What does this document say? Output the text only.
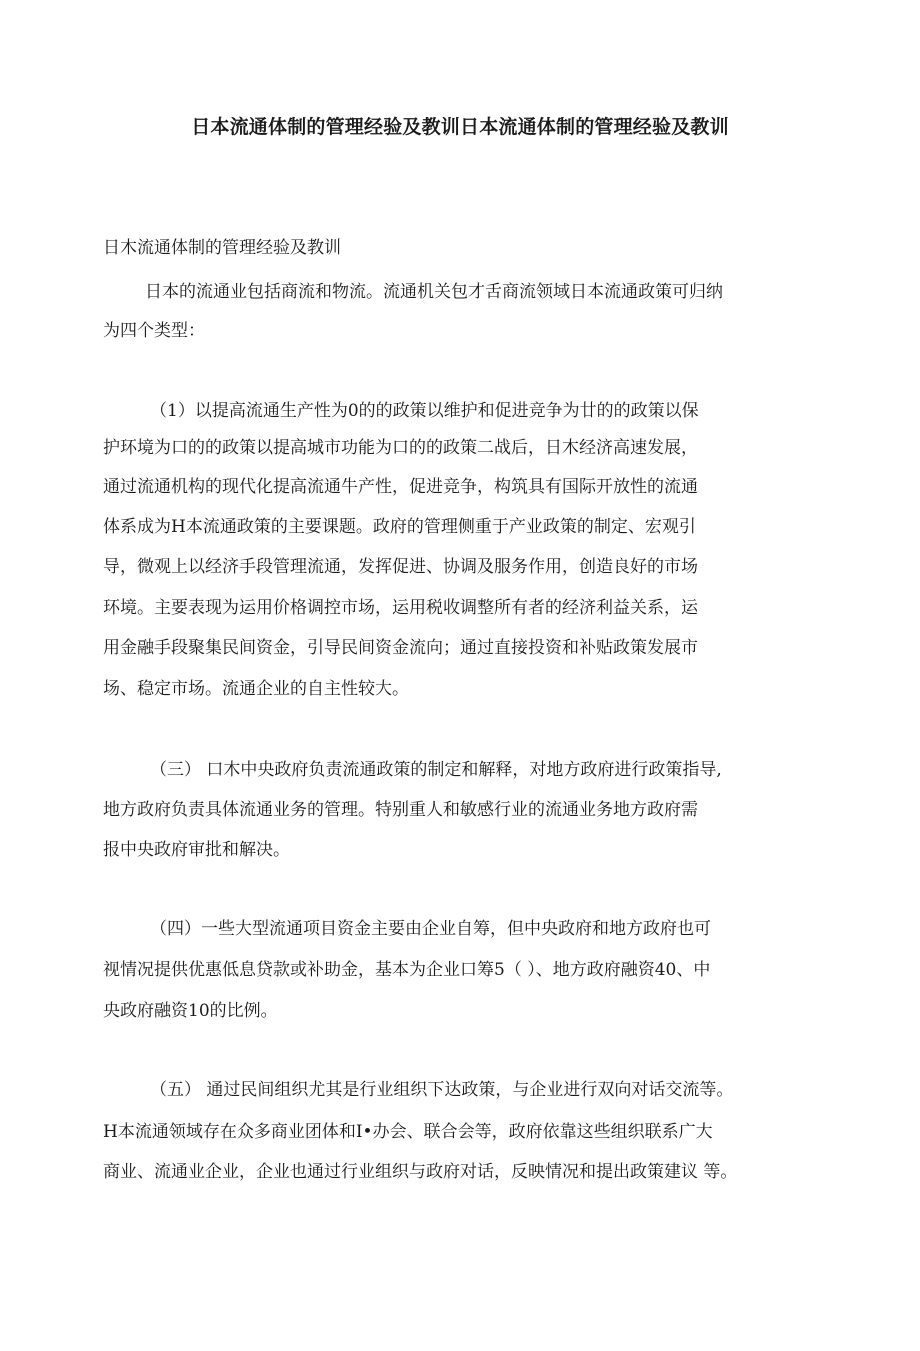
日本流通体制的管理经验及教训日本流通体制的管理经验及教训
日木流通体制的管理经验及教训
日本的流通业包括商流和物流。流通机关包才舌商流领域日本流通政策可归纳
为四个类型：
（1）以提高流通生产性为0的的政策以维护和促进竞争为廿的的政策以保
护环境为口的的政策以提高城市功能为口的的政策二战后，日木经济高速发展，
通过流通机构的现代化提高流通牛产性，促进竞争，构筑具有国际开放性的流通
体系成为H本流通政策的主要课题。政府的管理侧重于产业政策的制定、宏观引
导，微观上以经济手段管理流通，发挥促进、协调及服务作用，创造良好的市场
环境。主要表现为运用价格调控市场，运用税收调整所有者的经济利益关系，运
用金融手段聚集民间资金，引导民间资金流向；通过直接投资和补贴政策发展市
场、稳定市场。流通企业的自主性较大。
（三） 口木中央政府负责流通政策的制定和解释，对地方政府进行政策指导,
地方政府负责具体流通业务的管理。特别重人和敏感行业的流通业务地方政府需
报中央政府审批和解决。
（四）一些大型流通项目资金主要由企业自筹，但中央政府和地方政府也可
视情况提供优惠低息贷款或补助金，基本为企业口筹5（ ）、地方政府融资40、中
央政府融资10的比例。
（五） 通过民间组织尤其是行业组织下达政策，与企业进行双向对话交流等。
H本流通领域存在众多商业团体和I•办会、联合会等，政府依靠这些组织联系广大
商业、流通业企业，企业也通过行业组织与政府对话，反映情况和提出政策建议 等。
